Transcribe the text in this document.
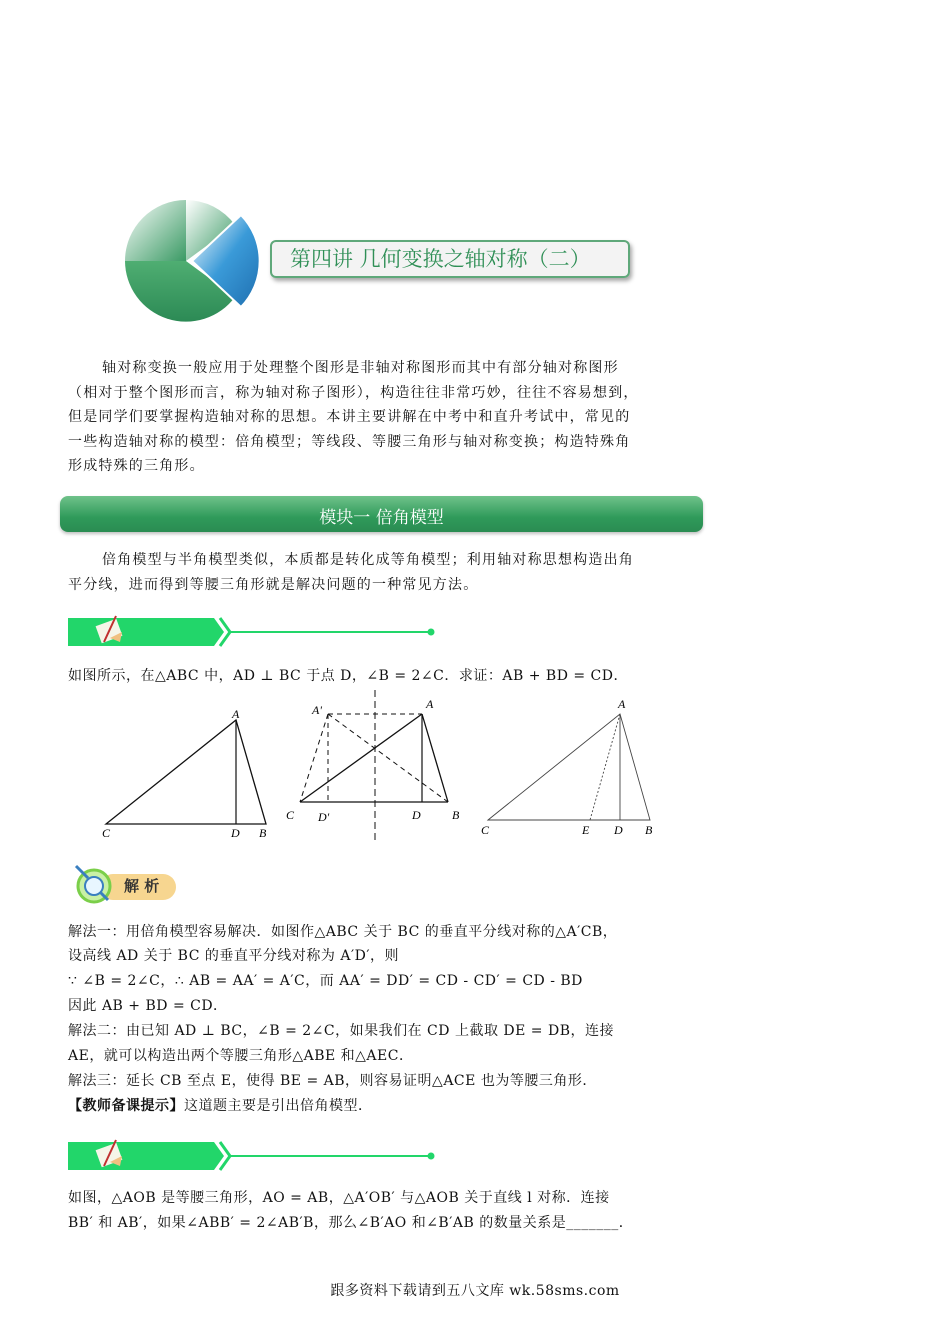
第四讲 几何变换之轴对称（二）

轴对称变换一般应用于处理整个图形是非轴对称图形而其中有部分轴对称图形

（相对于整个图形而言，称为轴对称子图形），构造往往非常巧妙，往往不容易想到，

但是同学们要掌握构造轴对称的思想。本讲主要讲解在中考中和直升考试中，常见的

一些构造轴对称的模型：倍角模型；等线段、等腰三角形与轴对称变换；构造特殊角

形成特殊的三角形。

模块一 倍角模型

倍角模型与半角模型类似，本质都是转化成等角模型；利用轴对称思想构造出角

平分线，进而得到等腰三角形就是解决问题的一种常见方法。

如图所示，在△ABC 中，AD ⊥ BC 于点 D，∠B = 2∠C．求证：AB + BD = CD．
A
C	D B
A'	A
C D'	D	B
A
C	E D B
解 析
解法一：用倍角模型容易解决．如图作△ABC 关于 BC 的垂直平分线对称的△A′CB，
设高线 AD 关于 BC 的垂直平分线对称为 A′D′，则
∵ ∠B = 2∠C，∴ AB = AA′ = A′C，而 AA′ = DD′ = CD - CD′ = CD - BD
因此 AB + BD = CD．
解法二：由已知 AD ⊥ BC，∠B = 2∠C，如果我们在 CD 上截取 DE = DB，连接
AE，就可以构造出两个等腰三角形△ABE 和△AEC．
解法三：延长 CB 至点 E，使得 BE = AB，则容易证明△ACE 也为等腰三角形．
【教师备课提示】这道题主要是引出倍角模型．
如图，△AOB 是等腰三角形，AO = AB，△A′OB′ 与△AOB 关于直线 l 对称．连接
BB′ 和 AB′，如果∠ABB′ = 2∠AB′B，那么∠B′AO 和∠B′AB 的数量关系是_______．
跟多资料下载请到五八文库 wk.58sms.com
